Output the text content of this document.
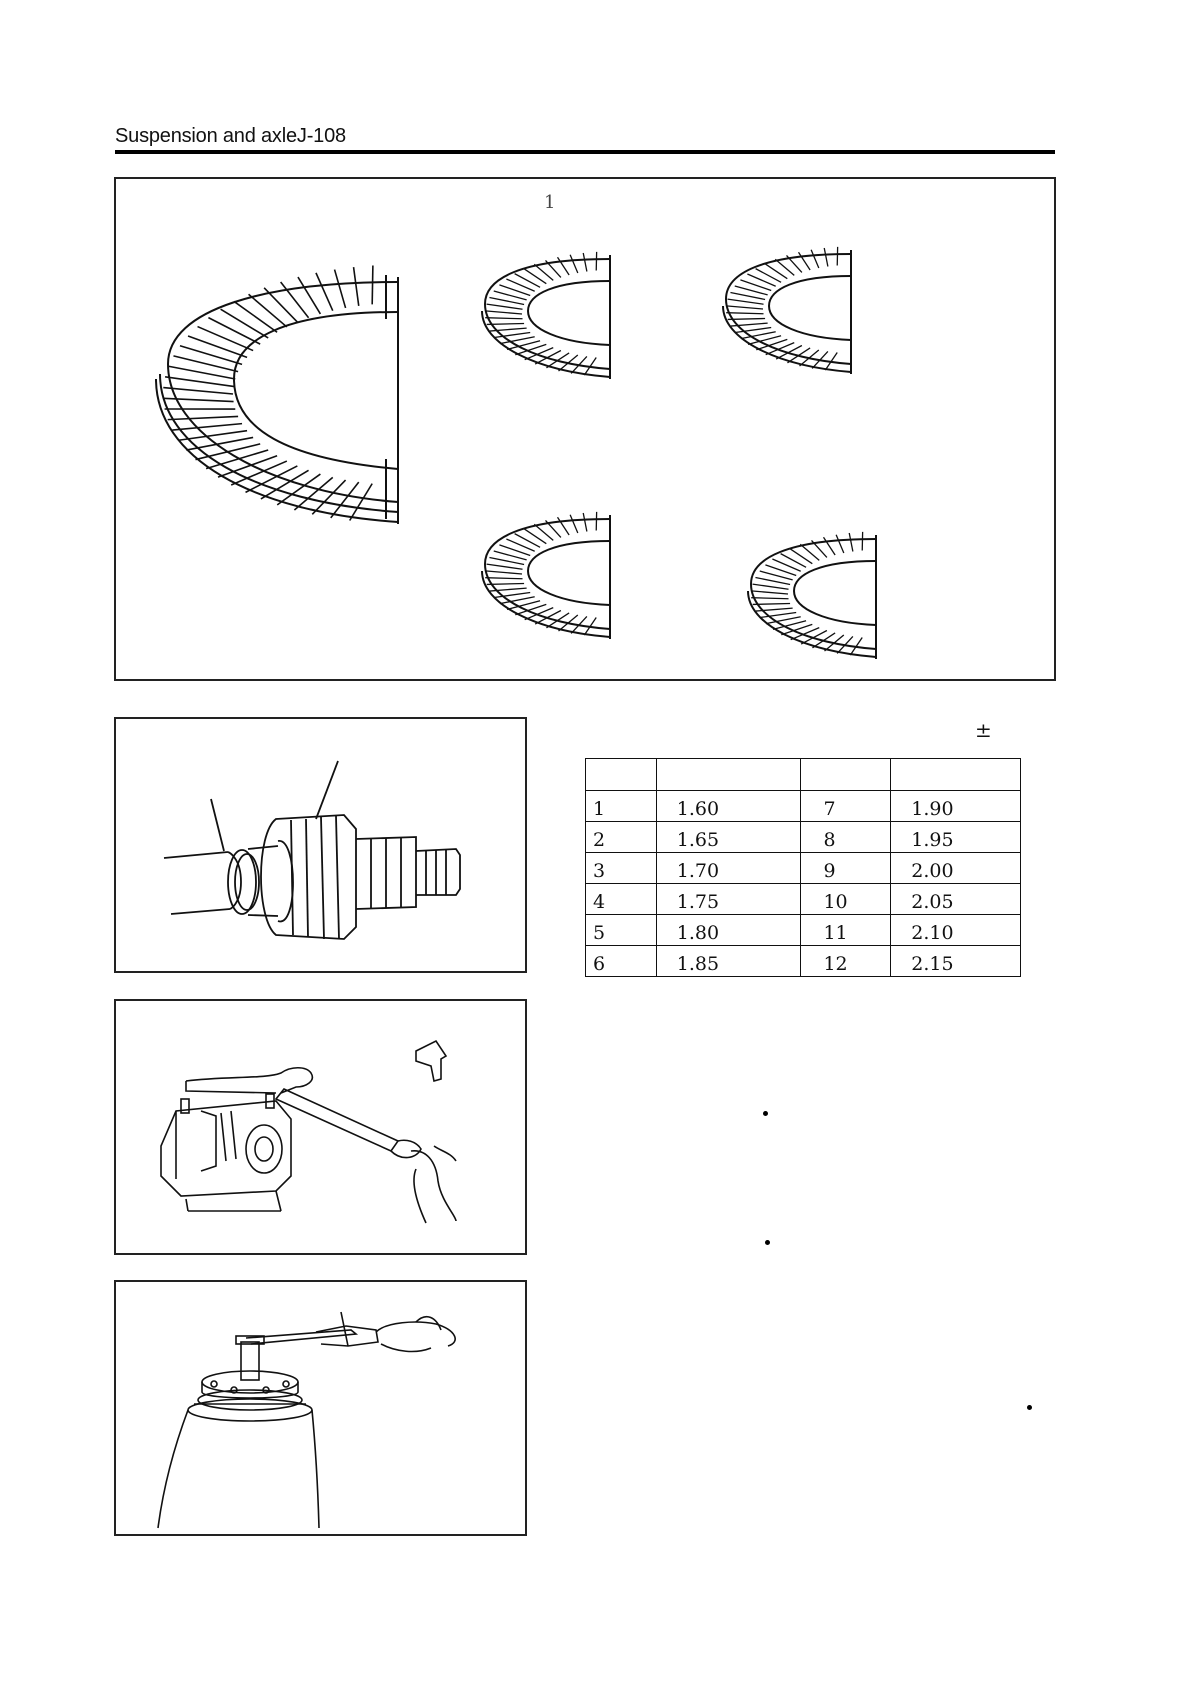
Suspension and axleJ-108
1
±

1	1.60	7	1.90
2	1.65	8	1.95
3	1.70	9	2.00
4	1.75	10	2.05
5	1.80	11	2.10
6	1.85	12	2.15
